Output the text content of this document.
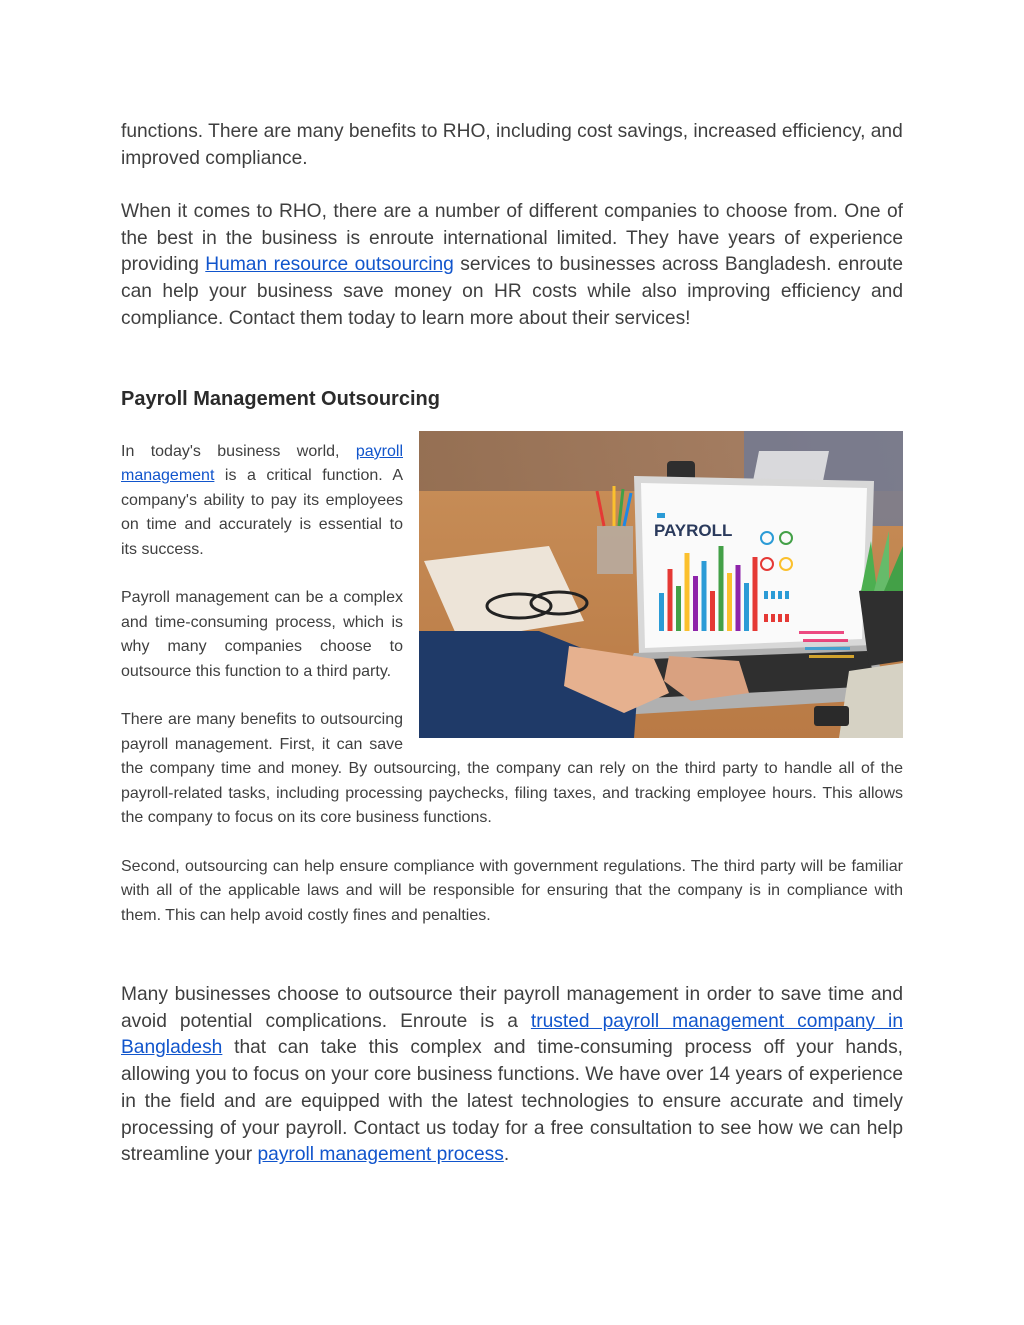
functions. There are many benefits to RHO, including cost savings, increased efficiency, and improved compliance.

When it comes to RHO, there are a number of different companies to choose from. One of the best in the business is enroute international limited. They have years of experience providing Human resource outsourcing services to businesses across Bangladesh. enroute can help your business save money on HR costs while also improving efficiency and compliance. Contact them today to learn more about their services!

Payroll Management Outsourcing
PAYROLL

In today's business world, payroll management is a critical function. A company's ability to pay its employees on time and accurately is essential to its success.

Payroll management can be a complex and time-consuming process, which is why many companies choose to outsource this function to a third party.

There are many benefits to outsourcing payroll management. First, it can save the company time and money. By outsourcing, the company can rely on the third party to handle all of the payroll-related tasks, including processing paychecks, filing taxes, and tracking employee hours. This allows the company to focus on its core business functions.

Second, outsourcing can help ensure compliance with government regulations. The third party will be familiar with all of the applicable laws and will be responsible for ensuring that the company is in compliance with them. This can help avoid costly fines and penalties.

Many businesses choose to outsource their payroll management in order to save time and avoid potential complications. Enroute is a trusted payroll management company in Bangladesh that can take this complex and time-consuming process off your hands, allowing you to focus on your core business functions. We have over 14 years of experience in the field and are equipped with the latest technologies to ensure accurate and timely processing of your payroll. Contact us today for a free consultation to see how we can help streamline your payroll management process.
